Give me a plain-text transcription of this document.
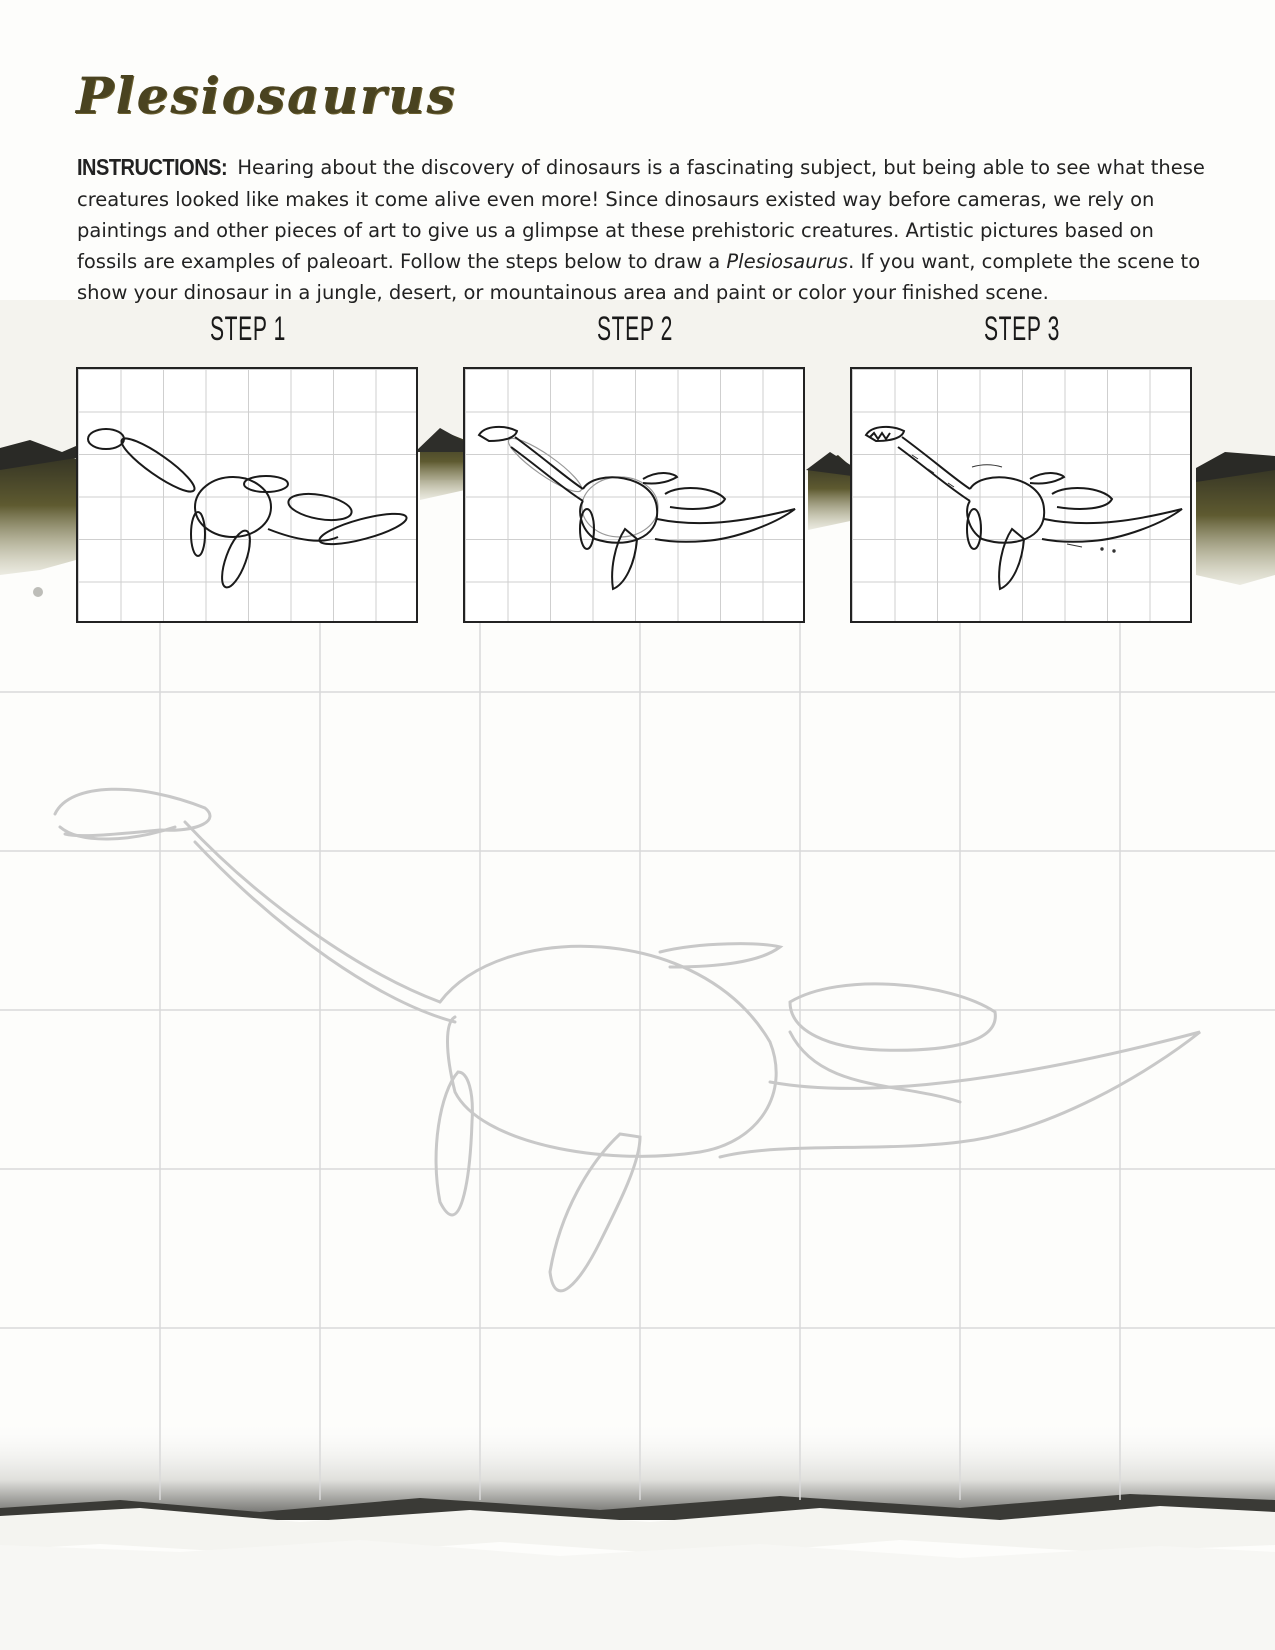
Plesiosaurus
INSTRUCTIONS: Hearing about the discovery of dinosaurs is a fascinating subject, but being able to see what these creatures looked like makes it come alive even more! Since dinosaurs existed way before cameras, we rely on paintings and other pieces of art to give us a glimpse at these prehistoric creatures. Artistic pictures based on fossils are examples of paleoart. Follow the steps below to draw a Plesiosaurus. If you want, complete the scene to show your dinosaur in a jungle, desert, or mountainous area and paint or color your finished scene.
STEP 1	STEP 2	STEP 3
